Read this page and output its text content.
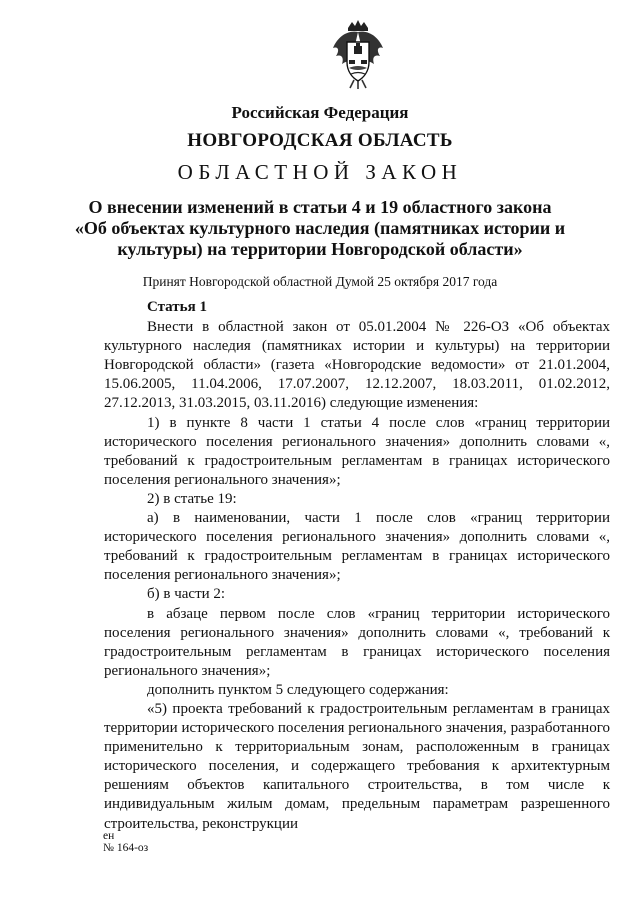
Российская Федерация
НОВГОРОДСКАЯ ОБЛАСТЬ
ОБЛАСТНОЙ ЗАКОН
О внесении изменений в статьи 4 и 19 областного закона
«Об объектах культурного наследия (памятниках истории и
культуры) на территории Новгородской области»
Принят Новгородской областной Думой 25 октября 2017 года
Статья 1

Внести в областной закон от 05.01.2004 № 226-ОЗ «Об объектах культурного наследия (памятниках истории и культуры) на территории Новгородской области» (газета «Новгородские ведомости» от 21.01.2004, 15.06.2005, 11.04.2006, 17.07.2007, 12.12.2007, 18.03.2011, 01.02.2012, 27.12.2013, 31.03.2015, 03.11.2016) следующие изменения:

1) в пункте 8 части 1 статьи 4 после слов «границ территории исторического поселения регионального значения» дополнить словами «, требований к градостроительным регламентам в границах исторического поселения регионального значения»;

2) в статье 19:

а) в наименовании, части 1 после слов «границ территории исторического поселения регионального значения» дополнить словами «, требований к градостроительным регламентам в границах исторического поселения регионального значения»;

б) в части 2:

в абзаце первом после слов «границ территории исторического поселения регионального значения» дополнить словами «, требований к градостроительным регламентам в границах исторического поселения регионального значения»;

дополнить пунктом 5 следующего содержания:

«5) проекта требований к градостроительным регламентам в границах территории исторического поселения регионального значения, разработанного применительно к территориальным зонам, расположенным в границах исторического поселения, и содержащего требования к архитектурным решениям объектов капитального строительства, в том числе к индивидуальным жилым домам, предельным параметрам разрешенного строительства, реконструкции

ен
№ 164-оз
